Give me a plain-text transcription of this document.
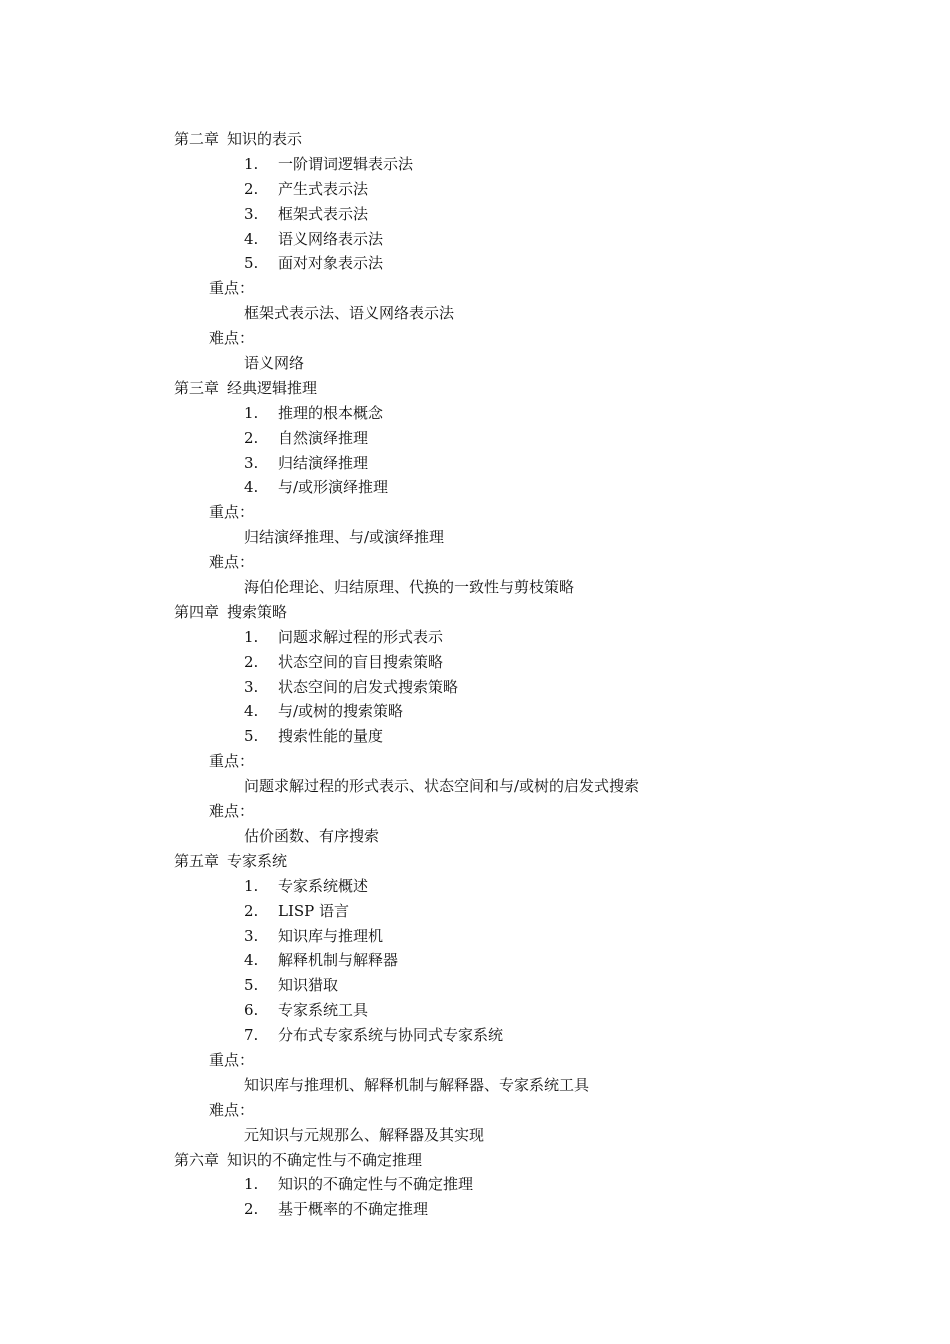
第二章 知识的表示
1. 一阶谓词逻辑表示法
2. 产生式表示法
3. 框架式表示法
4. 语义网络表示法
5. 面对对象表示法
重点：
框架式表示法、语义网络表示法
难点：
语义网络
第三章 经典逻辑推理
1. 推理的根本概念
2. 自然演绎推理
3. 归结演绎推理
4. 与/或形演绎推理
重点：
归结演绎推理、与/或演绎推理
难点：
海伯伦理论、归结原理、代换的一致性与剪枝策略
第四章 搜索策略
1. 问题求解过程的形式表示
2. 状态空间的盲目搜索策略
3. 状态空间的启发式搜索策略
4. 与/或树的搜索策略
5. 搜索性能的量度
重点：
问题求解过程的形式表示、状态空间和与/或树的启发式搜索
难点：
估价函数、有序搜索
第五章 专家系统
1. 专家系统概述
2. LISP 语言
3. 知识库与推理机
4. 解释机制与解释器
5. 知识猎取
6. 专家系统工具
7. 分布式专家系统与协同式专家系统
重点：
知识库与推理机、解释机制与解释器、专家系统工具
难点：
元知识与元规那么、解释器及其实现
第六章 知识的不确定性与不确定推理
1. 知识的不确定性与不确定推理
2. 基于概率的不确定推理
